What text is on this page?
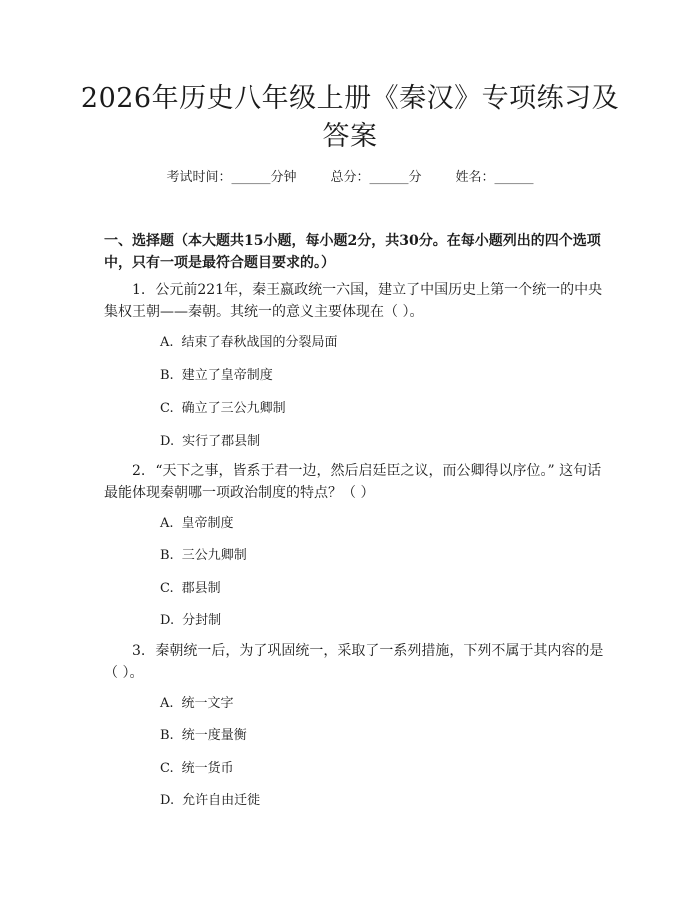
2026年历史八年级上册《秦汉》专项练习及答案
考试时间：______分钟	总分：______分	姓名：______
一、选择题（本大题共15小题，每小题2分，共30分。在每小题列出的四个选项中，只有一项是最符合题目要求的。）
1. 公元前221年，秦王嬴政统一六国，建立了中国历史上第一个统一的中央集权王朝——秦朝。其统一的意义主要体现在（ ）。
A. 结束了春秋战国的分裂局面
B. 建立了皇帝制度
C. 确立了三公九卿制
D. 实行了郡县制
2. “天下之事，皆系于君一边，然后启廷臣之议，而公卿得以序位。” 这句话最能体现秦朝哪一项政治制度的特点？（ ）
A. 皇帝制度
B. 三公九卿制
C. 郡县制
D. 分封制
3. 秦朝统一后，为了巩固统一，采取了一系列措施，下列不属于其内容的是（ ）。
A. 统一文字
B. 统一度量衡
C. 统一货币
D. 允许自由迁徙
